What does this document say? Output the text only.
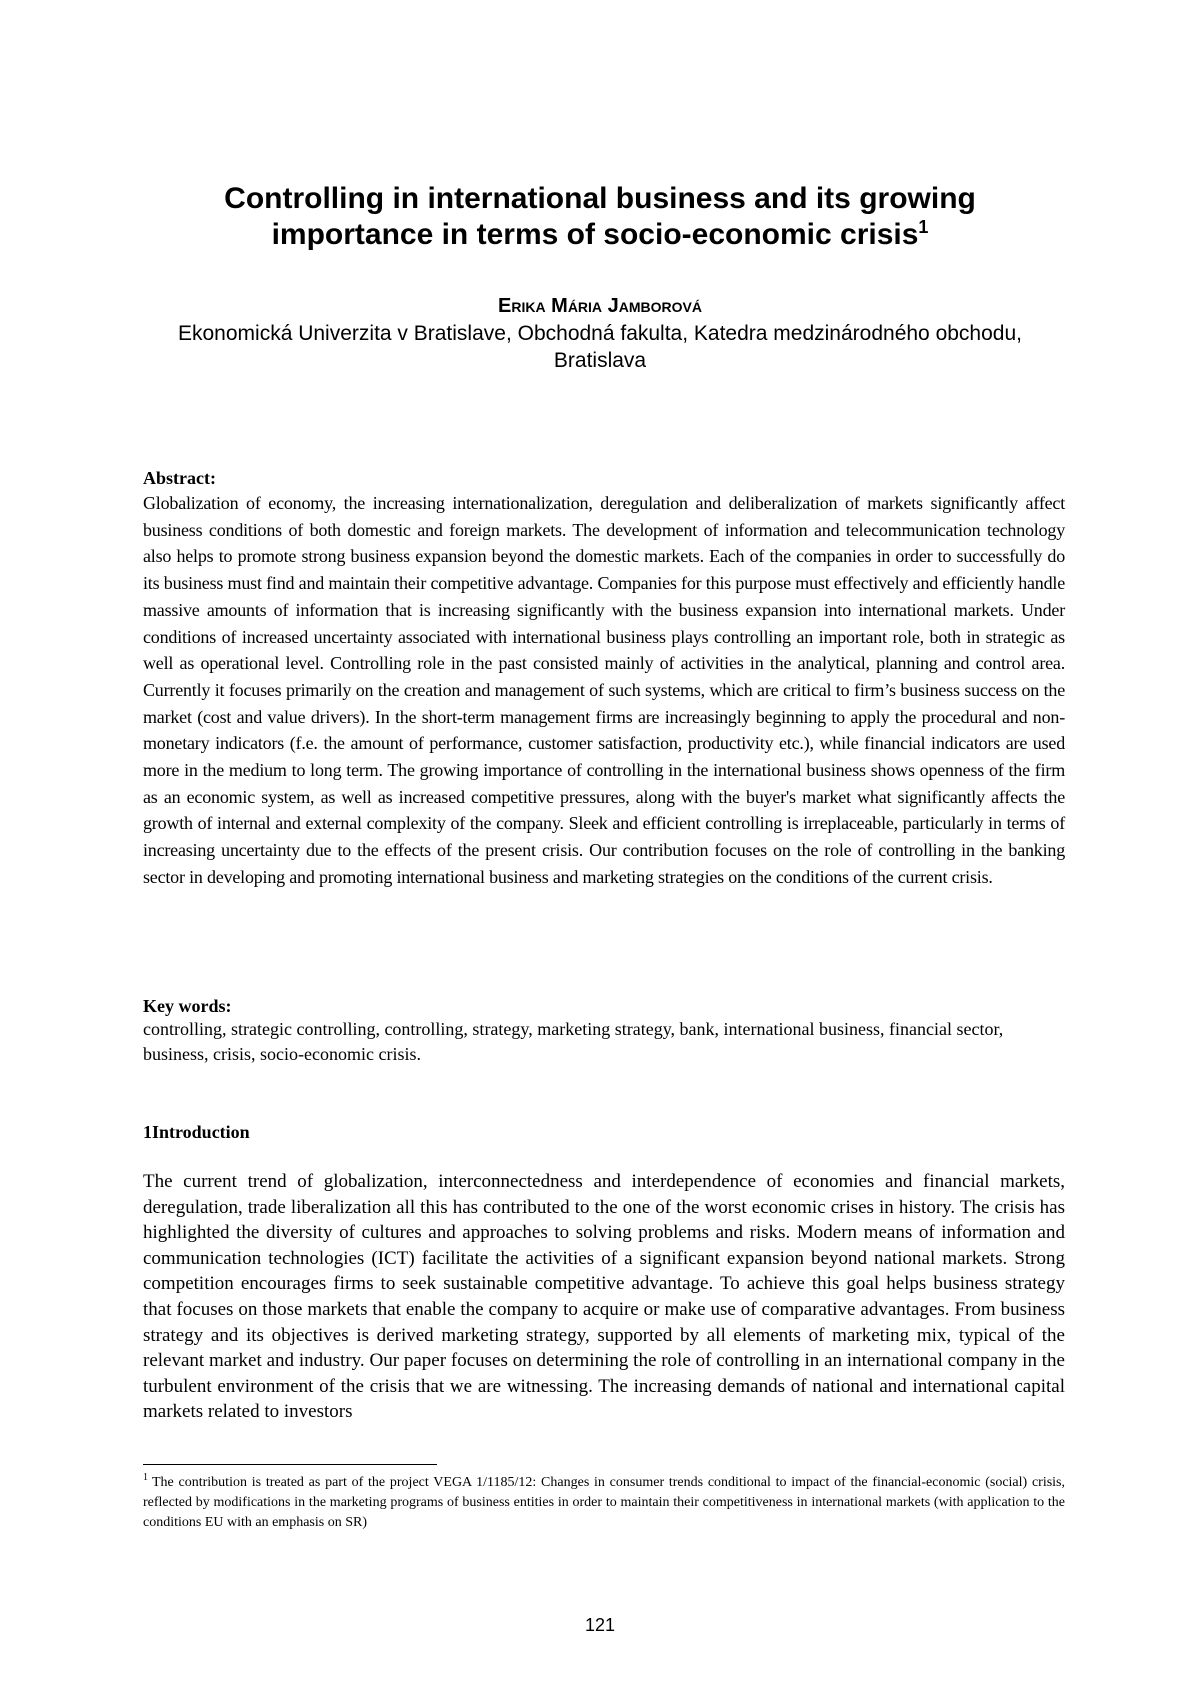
Controlling in international business and its growing
importance in terms of socio-economic crisis$^1$
Erika Mária Jamborová
Ekonomická Univerzita v Bratislave, Obchodná fakulta, Katedra medzinárodného obchodu, Bratislava
Abstract:
Globalization of economy, the increasing internationalization, deregulation and deliberalization of markets significantly affect business conditions of both domestic and foreign markets. The development of information and telecommunication technology also helps to promote strong business expansion beyond the domestic markets. Each of the companies in order to successfully do its business must find and maintain their competitive advantage. Companies for this purpose must effectively and efficiently handle massive amounts of information that is increasing significantly with the business expansion into international markets. Under conditions of increased uncertainty associated with international business plays controlling an important role, both in strategic as well as operational level. Controlling role in the past consisted mainly of activities in the analytical, planning and control area. Currently it focuses primarily on the creation and management of such systems, which are critical to firm’s business success on the market (cost and value drivers). In the short-term management firms are increasingly beginning to apply the procedural and non-monetary indicators (f.e. the amount of performance, customer satisfaction, productivity etc.), while financial indicators are used more in the medium to long term. The growing importance of controlling in the international business shows openness of the firm as an economic system, as well as increased competitive pressures, along with the buyer's market what significantly affects the growth of internal and external complexity of the company. Sleek and efficient controlling is irreplaceable, particularly in terms of increasing uncertainty due to the effects of the present crisis. Our contribution focuses on the role of controlling in the banking sector in developing and promoting international business and marketing strategies on the conditions of the current crisis.
Key words:
controlling, strategic controlling, controlling, strategy, marketing strategy, bank, international business, financial sector, business, crisis, socio-economic crisis.
1Introduction
The current trend of globalization, interconnectedness and interdependence of economies and financial markets, deregulation, trade liberalization all this has contributed to the one of the worst economic crises in history. The crisis has highlighted the diversity of cultures and approaches to solving problems and risks. Modern means of information and communication technologies (ICT) facilitate the activities of a significant expansion beyond national markets. Strong competition encourages firms to seek sustainable competitive advantage. To achieve this goal helps business strategy that focuses on those markets that enable the company to acquire or make use of comparative advantages. From business strategy and its objectives is derived marketing strategy, supported by all elements of marketing mix, typical of the relevant market and industry. Our paper focuses on determining the role of controlling in an international company in the turbulent environment of the crisis that we are witnessing. The increasing demands of national and international capital markets related to investors
$^1$ The contribution is treated as part of the project VEGA 1/1185/12: Changes in consumer trends conditional to impact of the financial-economic (social) crisis, reflected by modifications in the marketing programs of business entities in order to maintain their competitiveness in international markets (with application to the conditions EU with an emphasis on SR)
121
